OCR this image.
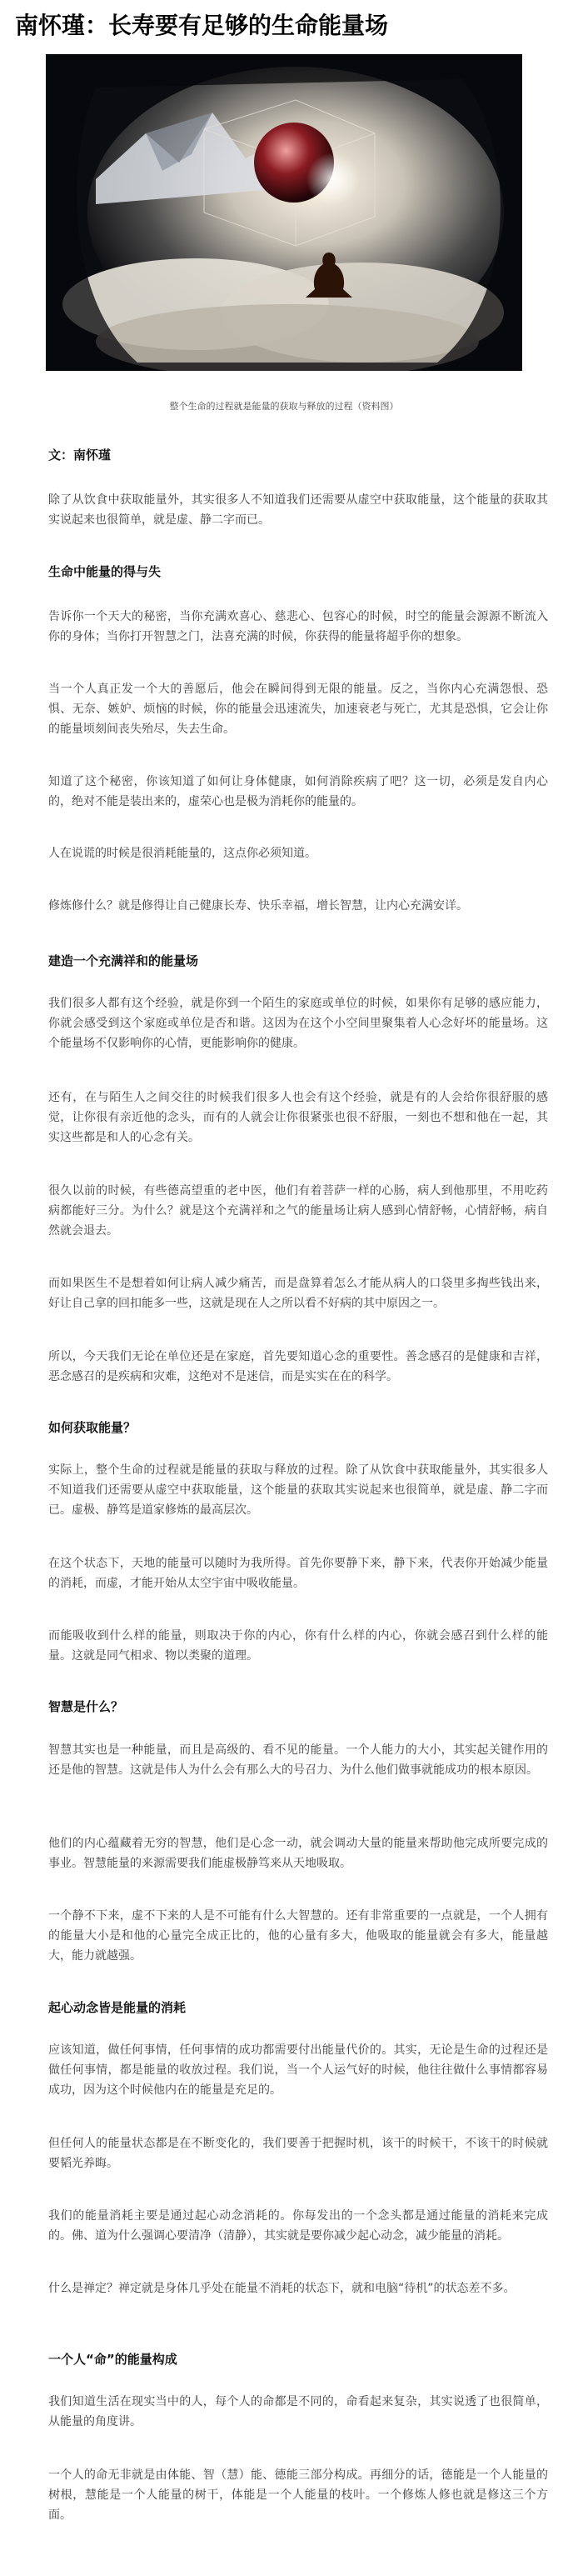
南怀瑾：长寿要有足够的生命能量场
整个生命的过程就是能量的获取与释放的过程（资料图）
文：南怀瑾
除了从饮食中获取能量外，其实很多人不知道我们还需要从虚空中获取能量，这个能量的获取其实说起来也很简单，就是虚、静二字而已。
生命中能量的得与失
告诉你一个天大的秘密，当你充满欢喜心、慈悲心、包容心的时候，时空的能量会源源不断流入你的身体；当你打开智慧之门，法喜充满的时候，你获得的能量将超乎你的想象。
当一个人真正发一个大的善愿后，他会在瞬间得到无限的能量。反之，当你内心充满怨恨、恐惧、无奈、嫉妒、烦恼的时候，你的能量会迅速流失，加速衰老与死亡，尤其是恐惧，它会让你的能量顷刻间丧失殆尽，失去生命。
知道了这个秘密，你该知道了如何让身体健康，如何消除疾病了吧？这一切，必须是发自内心的，绝对不能是装出来的，虚荣心也是极为消耗你的能量的。
人在说谎的时候是很消耗能量的，这点你必须知道。
修炼修什么？就是修得让自己健康长寿、快乐幸福，增长智慧，让内心充满安详。
建造一个充满祥和的能量场
我们很多人都有这个经验，就是你到一个陌生的家庭或单位的时候，如果你有足够的感应能力，你就会感受到这个家庭或单位是否和谐。这因为在这个小空间里聚集着人心念好坏的能量场。这个能量场不仅影响你的心情，更能影响你的健康。
还有，在与陌生人之间交往的时候我们很多人也会有这个经验，就是有的人会给你很舒服的感觉，让你很有亲近他的念头，而有的人就会让你很紧张也很不舒服，一刻也不想和他在一起，其实这些都是和人的心念有关。
很久以前的时候，有些德高望重的老中医，他们有着菩萨一样的心肠，病人到他那里，不用吃药病都能好三分。为什么？就是这个充满祥和之气的能量场让病人感到心情舒畅，心情舒畅，病自然就会退去。
而如果医生不是想着如何让病人减少痛苦，而是盘算着怎么才能从病人的口袋里多掏些钱出来，好让自己拿的回扣能多一些，这就是现在人之所以看不好病的其中原因之一。
所以，今天我们无论在单位还是在家庭，首先要知道心念的重要性。善念感召的是健康和吉祥，恶念感召的是疾病和灾难，这绝对不是迷信，而是实实在在的科学。
如何获取能量？
实际上，整个生命的过程就是能量的获取与释放的过程。除了从饮食中获取能量外，其实很多人不知道我们还需要从虚空中获取能量，这个能量的获取其实说起来也很简单，就是虚、静二字而已。虚极、静笃是道家修炼的最高层次。
在这个状态下，天地的能量可以随时为我所得。首先你要静下来，静下来，代表你开始减少能量的消耗，而虚，才能开始从太空宇宙中吸收能量。
而能吸收到什么样的能量，则取决于你的内心，你有什么样的内心，你就会感召到什么样的能量。这就是同气相求、物以类聚的道理。
智慧是什么？
智慧其实也是一种能量，而且是高级的、看不见的能量。一个人能力的大小，其实起关键作用的还是他的智慧。这就是伟人为什么会有那么大的号召力、为什么他们做事就能成功的根本原因。
他们的内心蕴藏着无穷的智慧，他们是心念一动，就会调动大量的能量来帮助他完成所要完成的事业。智慧能量的来源需要我们能虚极静笃来从天地吸取。
一个静不下来，虚不下来的人是不可能有什么大智慧的。还有非常重要的一点就是，一个人拥有的能量大小是和他的心量完全成正比的，他的心量有多大，他吸取的能量就会有多大，能量越大，能力就越强。
起心动念皆是能量的消耗
应该知道，做任何事情，任何事情的成功都需要付出能量代价的。其实，无论是生命的过程还是做任何事情，都是能量的收放过程。我们说，当一个人运气好的时候，他往往做什么事情都容易成功，因为这个时候他内在的能量是充足的。
但任何人的能量状态都是在不断变化的，我们要善于把握时机，该干的时候干，不该干的时候就要韬光养晦。
我们的能量消耗主要是通过起心动念消耗的。你每发出的一个念头都是通过能量的消耗来完成的。佛、道为什么强调心要清净（清静），其实就是要你减少起心动念，减少能量的消耗。
什么是禅定？禅定就是身体几乎处在能量不消耗的状态下，就和电脑“待机”的状态差不多。
一个人“命”的能量构成
我们知道生活在现实当中的人，每个人的命都是不同的，命看起来复杂，其实说透了也很简单，从能量的角度讲。
一个人的命无非就是由体能、智（慧）能、德能三部分构成。再细分的话，德能是一个人能量的树根，慧能是一个人能量的树干，体能是一个人能量的枝叶。一个修炼人修也就是修这三个方面。
